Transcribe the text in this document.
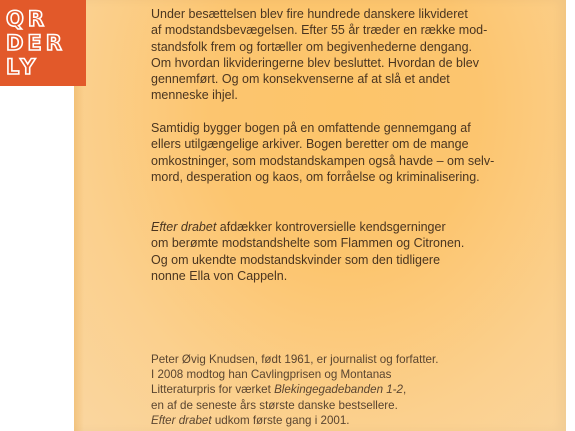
QR
DER
LY
Under besættelsen blev fire hundrede danskere likvideret
af modstandsbevægelsen. Efter 55 år træder en række mod-
standsfolk frem og fortæller om begivenhederne dengang.
Om hvordan likvideringerne blev besluttet. Hvordan de blev
gennemført. Og om konsekvenserne af at slå et andet
menneske ihjel.
Samtidig bygger bogen på en omfattende gennemgang af
ellers utilgængelige arkiver. Bogen beretter om de mange
omkostninger, som modstandskampen også havde – om selv-
mord, desperation og kaos, om forråelse og kriminalisering.
Efter drabet afdækker kontroversielle kendsgerninger
om berømte modstandshelte som Flammen og Citronen.
Og om ukendte modstandskvinder som den tidligere
nonne Ella von Cappeln.
Peter Øvig Knudsen, født 1961, er journalist og forfatter.
I 2008 modtog han Cavlingprisen og Montanas
Litteraturpris for værket Blekingegadebanden 1-2,
en af de seneste års største danske bestsellere.
Efter drabet udkom første gang i 2001.
